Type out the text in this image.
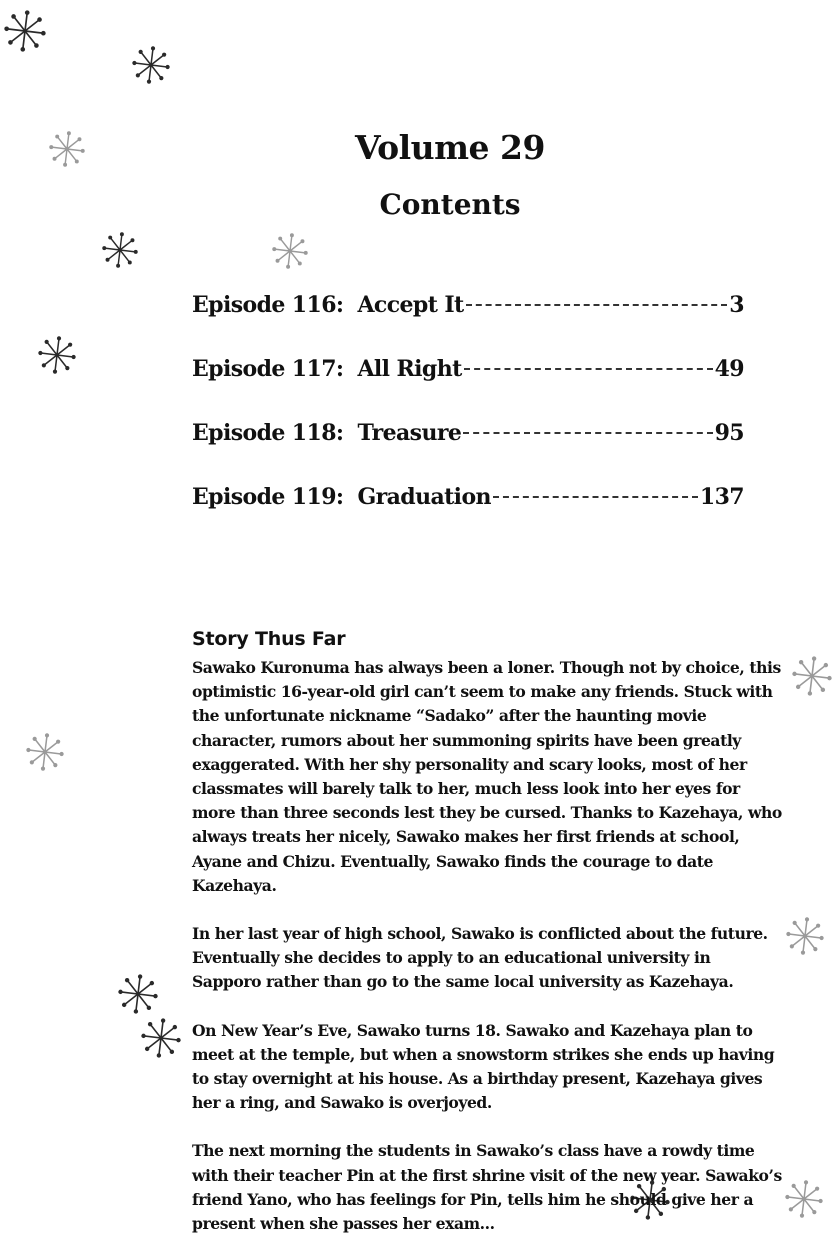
Volume 29
Contents
Episode 116: Accept It	3
Episode 117: All Right	49
Episode 118: Treasure	95
Episode 119: Graduation	137
Story Thus Far

Sawako Kuronuma has always been a loner. Though not by choice, this optimistic 16-year-old girl can’t seem to make any friends. Stuck with the unfortunate nickname “Sadako” after the haunting movie character, rumors about her summoning spirits have been greatly exaggerated. With her shy personality and scary looks, most of her classmates will barely talk to her, much less look into her eyes for more than three seconds lest they be cursed. Thanks to Kazehaya, who always treats her nicely, Sawako makes her first friends at school, Ayane and Chizu. Eventually, Sawako finds the courage to date Kazehaya.

In her last year of high school, Sawako is conflicted about the future. Eventually she decides to apply to an educational university in Sapporo rather than go to the same local university as Kazehaya.

On New Year’s Eve, Sawako turns 18. Sawako and Kazehaya plan to meet at the temple, but when a snowstorm strikes she ends up having to stay overnight at his house. As a birthday present, Kazehaya gives her a ring, and Sawako is overjoyed.

The next morning the students in Sawako’s class have a rowdy time with their teacher Pin at the first shrine visit of the new year. Sawako’s friend Yano, who has feelings for Pin, tells him he should give her a present when she passes her exam...
